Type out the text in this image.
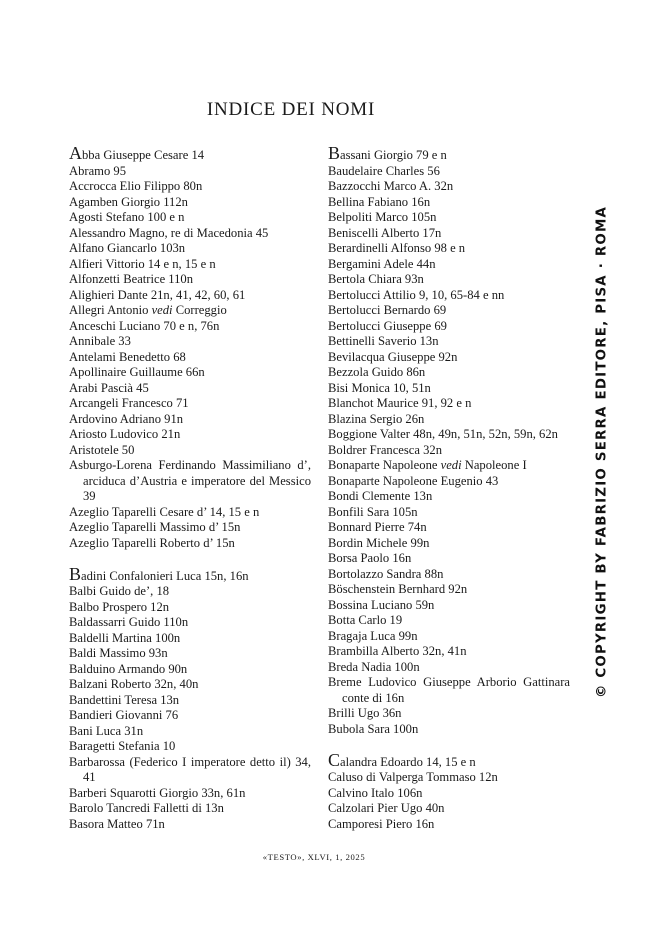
INDICE DEI NOMI
Abba Giuseppe Cesare 14
Abramo 95
Accrocca Elio Filippo 80n
Agamben Giorgio 112n
Agosti Stefano 100 e n
Alessandro Magno, re di Macedonia 45
Alfano Giancarlo 103n
Alfieri Vittorio 14 e n, 15 e n
Alfonzetti Beatrice 110n
Alighieri Dante 21n, 41, 42, 60, 61
Allegri Antonio vedi Correggio
Anceschi Luciano 70 e n, 76n
Annibale 33
Antelami Benedetto 68
Apollinaire Guillaume 66n
Arabi Pascià 45
Arcangeli Francesco 71
Ardovino Adriano 91n
Ariosto Ludovico 21n
Aristotele 50
Asburgo-Lorena Ferdinando Massimiliano d’, arciduca d’Austria e imperatore del Messico 39
Azeglio Taparelli Cesare d’ 14, 15 e n
Azeglio Taparelli Massimo d’ 15n
Azeglio Taparelli Roberto d’ 15n
Badini Confalonieri Luca 15n, 16n
Balbi Guido de’, 18
Balbo Prospero 12n
Baldassarri Guido 110n
Baldelli Martina 100n
Baldi Massimo 93n
Balduino Armando 90n
Balzani Roberto 32n, 40n
Bandettini Teresa 13n
Bandieri Giovanni 76
Bani Luca 31n
Baragetti Stefania 10
Barbarossa (Federico I imperatore detto il) 34, 41
Barberi Squarotti Giorgio 33n, 61n
Barolo Tancredi Falletti di 13n
Basora Matteo 71n
Bassani Giorgio 79 e n
Baudelaire Charles 56
Bazzocchi Marco A. 32n
Bellina Fabiano 16n
Belpoliti Marco 105n
Beniscelli Alberto 17n
Berardinelli Alfonso 98 e n
Bergamini Adele 44n
Bertola Chiara 93n
Bertolucci Attilio 9, 10, 65-84 e nn
Bertolucci Bernardo 69
Bertolucci Giuseppe 69
Bettinelli Saverio 13n
Bevilacqua Giuseppe 92n
Bezzola Guido 86n
Bisi Monica 10, 51n
Blanchot Maurice 91, 92 e n
Blazina Sergio 26n
Boggione Valter 48n, 49n, 51n, 52n, 59n, 62n
Boldrer Francesca 32n
Bonaparte Napoleone vedi Napoleone I
Bonaparte Napoleone Eugenio 43
Bondi Clemente 13n
Bonfili Sara 105n
Bonnard Pierre 74n
Bordin Michele 99n
Borsa Paolo 16n
Bortolazzo Sandra 88n
Böschenstein Bernhard 92n
Bossina Luciano 59n
Botta Carlo 19
Bragaja Luca 99n
Brambilla Alberto 32n, 41n
Breda Nadia 100n
Breme Ludovico Giuseppe Arborio Gattinara conte di 16n
Brilli Ugo 36n
Bubola Sara 100n
Calandra Edoardo 14, 15 e n
Caluso di Valperga Tommaso 12n
Calvino Italo 106n
Calzolari Pier Ugo 40n
Camporesi Piero 16n
«TESTO», XLVI, 1, 2025
© COPYRIGHT BY FABRIZIO SERRA EDITORE, PISA · ROMA
